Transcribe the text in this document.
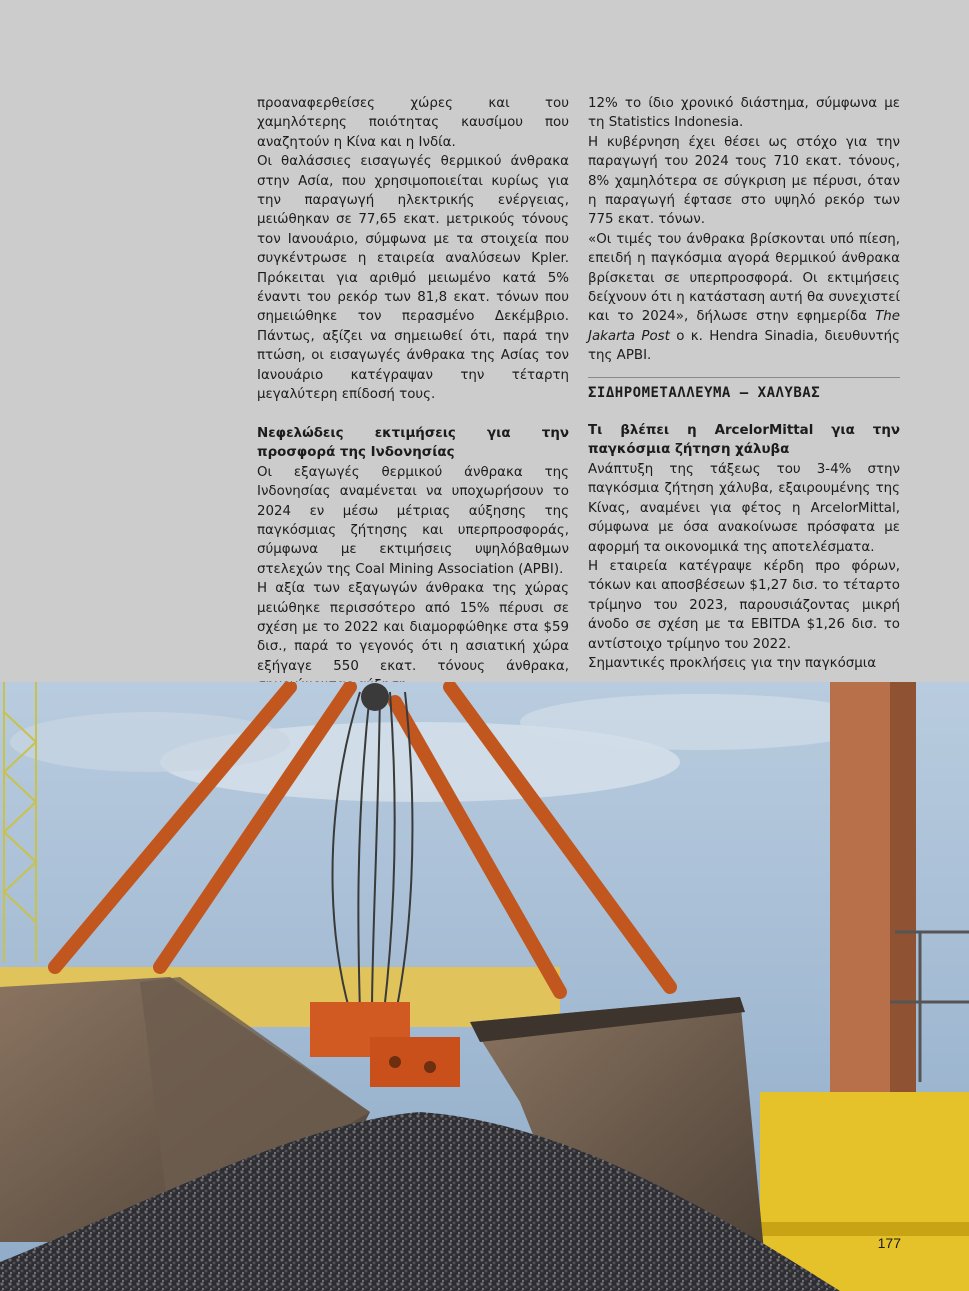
προαναφερθείσες χώρες και του χαμηλότερης ποιότητας καυσίμου που αναζητούν η Κίνα και η Ινδία.

Οι θαλάσσιες εισαγωγές θερμικού άνθρακα στην Ασία, που χρησιμοποιείται κυρίως για την παραγωγή ηλεκτρικής ενέργειας, μειώθηκαν σε 77,65 εκατ. μετρικούς τόνους τον Ιανουάριο, σύμφωνα με τα στοιχεία που συγκέντρωσε η εταιρεία αναλύσεων Kpler. Πρόκειται για αριθμό μειωμένο κατά 5% έναντι του ρεκόρ των 81,8 εκατ. τόνων που σημειώθηκε τον περασμένο Δεκέμβριο. Πάντως, αξίζει να σημειωθεί ότι, παρά την πτώση, οι εισαγωγές άνθρακα της Ασίας τον Ιανουάριο κατέγραψαν την τέταρτη μεγαλύτερη επίδοσή τους.

Νεφελώδεις εκτιμήσεις για την προσφορά της Ινδονησίας

Οι εξαγωγές θερμικού άνθρακα της Ινδονησίας αναμένεται να υποχωρήσουν το 2024 εν μέσω μέτριας αύξησης της παγκόσμιας ζήτησης και υπερπροσφοράς, σύμφωνα με εκτιμήσεις υψηλόβαθμων στελεχών της Coal Mining Association (APBI).

Η αξία των εξαγωγών άνθρακα της χώρας μειώθηκε περισσότερο από 15% πέρυσι σε σχέση με το 2022 και διαμορφώθηκε στα $59 δισ., παρά το γεγονός ότι η ασιατική χώρα εξήγαγε 550 εκατ. τόνους άνθρακα,

12% το ίδιο χρονικό διάστημα, σύμφωνα με τη Statistics Indonesia.

Η κυβέρνηση έχει θέσει ως στόχο για την παραγωγή του 2024 τους 710 εκατ. τόνους, 8% χαμηλότερα σε σύγκριση με πέρυσι, όταν η παραγωγή έφτασε στο υψηλό ρεκόρ των 775 εκατ. τόνων.

«Οι τιμές του άνθρακα βρίσκονται υπό πίεση, επειδή η παγκόσμια αγορά θερμικού άνθρακα βρίσκεται σε υπερπροσφορά. Οι εκτιμήσεις δείχνουν ότι η κατάσταση αυτή θα συνεχιστεί και το 2024», δήλωσε στην εφημερίδα The Jakarta Post ο κ. Hendra Sinadia, διευθυντής της APBI.

ΣΙΔΗΡΟΜΕΤΑΛΛΕΥΜΑ – ΧΑΛΥΒΑΣ

Τι βλέπει η ArcelorMittal για την παγκόσμια ζήτηση χάλυβα

Ανάπτυξη της τάξεως του 3-4% στην παγκόσμια ζήτηση χάλυβα, εξαιρουμένης της Κίνας, αναμένει για φέτος η ArcelorMittal, σύμφωνα με όσα ανακοίνωσε πρόσφατα με αφορμή τα οικονομικά της αποτελέσματα.

Η εταιρεία κατέγραψε κέρδη προ φόρων, τόκων και αποσβέσεων $1,27 δισ. το τέταρτο τρίμηνο του 2023, παρουσιάζοντας μικρή άνοδο σε σχέση με τα EBITDA $1,26 δισ. το αντίστοιχο τρίμηνο του 2022.

Σημαντικές προκλήσεις για την παγκόσμια

177
